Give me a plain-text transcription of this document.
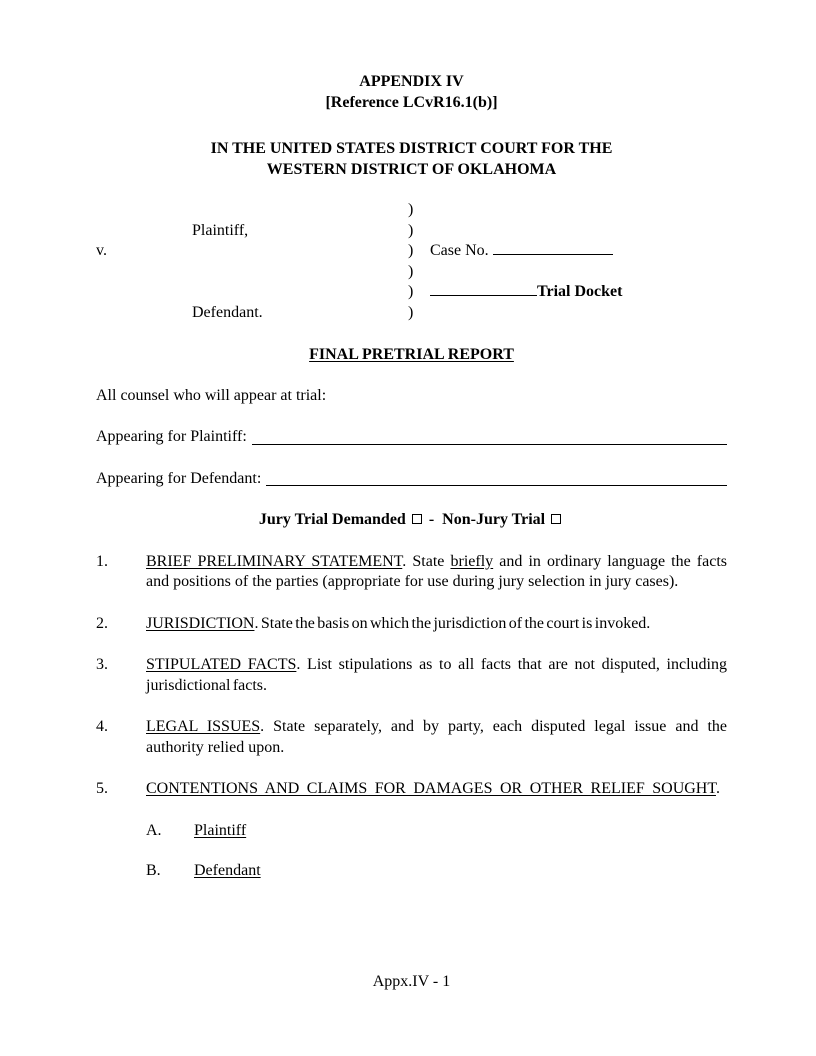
APPENDIX IV
[Reference LCvR16.1(b)]
IN THE UNITED STATES DISTRICT COURT FOR THE
WESTERN DISTRICT OF OKLAHOMA
)
Plaintiff,	)
v.	)	Case No.
)
)	Trial Docket
Defendant.	)
FINAL PRETRIAL REPORT
All counsel who will appear at trial:
Appearing for Plaintiff:
Appearing for Defendant:
Jury Trial Demanded - Non-Jury Trial
1.	BRIEF PRELIMINARY STATEMENT. State briefly and in ordinary language the facts and positions of the parties (appropriate for use during jury selection in jury cases).
2.	JURISDICTION. State the basis on which the jurisdiction of the court is invoked.
3.	STIPULATED FACTS. List stipulations as to all facts that are not disputed, including jurisdictional facts.
4.	LEGAL ISSUES. State separately, and by party, each disputed legal issue and the authority relied upon.
5.	CONTENTIONS AND CLAIMS FOR DAMAGES OR OTHER RELIEF SOUGHT.
A.	Plaintiff
B.	Defendant
Appx.IV - 1
